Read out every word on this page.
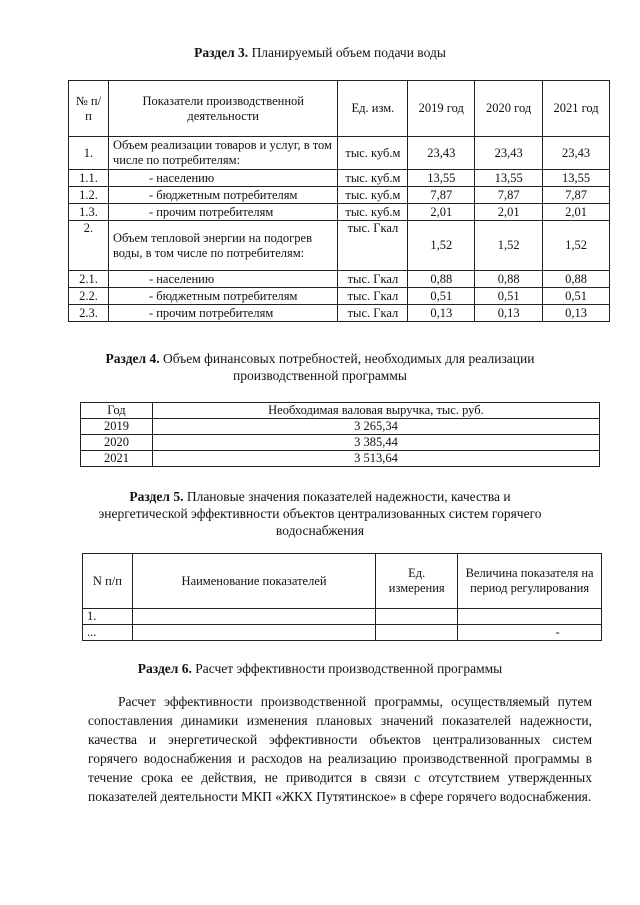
Раздел 3. Планируемый объем подачи воды
№ п/п	Показатели производственной деятельности	Ед. изм.	2019 год	2020 год	2021 год
1.	Объем реализации товаров и услуг, в том числе по потребителям:	тыс. куб.м	23,43	23,43	23,43
1.1.	- населению	тыс. куб.м	13,55	13,55	13,55
1.2.	- бюджетным потребителям	тыс. куб.м	7,87	7,87	7,87
1.3.	- прочим потребителям	тыс. куб.м	2,01	2,01	2,01
2.	Объем тепловой энергии на подогрев воды, в том числе по потребителям:	тыс. Гкал	1,52	1,52	1,52
2.1.	- населению	тыс. Гкал	0,88	0,88	0,88
2.2.	- бюджетным потребителям	тыс. Гкал	0,51	0,51	0,51
2.3.	- прочим потребителям	тыс. Гкал	0,13	0,13	0,13
Раздел 4. Объем финансовых потребностей, необходимых для реализации
производственной программы
Год	Необходимая валовая выручка, тыс. руб.
2019	3 265,34
2020	3 385,44
2021	3 513,64
Раздел 5. Плановые значения показателей надежности, качества и
энергетической эффективности объектов централизованных систем горячего
водоснабжения
N п/п	Наименование показателей	Ед. измерения	Величина показателя на период регулирования
1.			
...			-
Раздел 6. Расчет эффективности производственной программы

Расчет эффективности производственной программы, осуществляемый путем сопоставления динамики изменения плановых значений показателей надежности, качества и энергетической эффективности объектов централизованных систем горячего водоснабжения и расходов на реализацию производственной программы в течение срока ее действия, не приводится в связи с отсутствием утвержденных показателей деятельности МКП «ЖКХ Путятинское» в сфере горячего водоснабжения.
